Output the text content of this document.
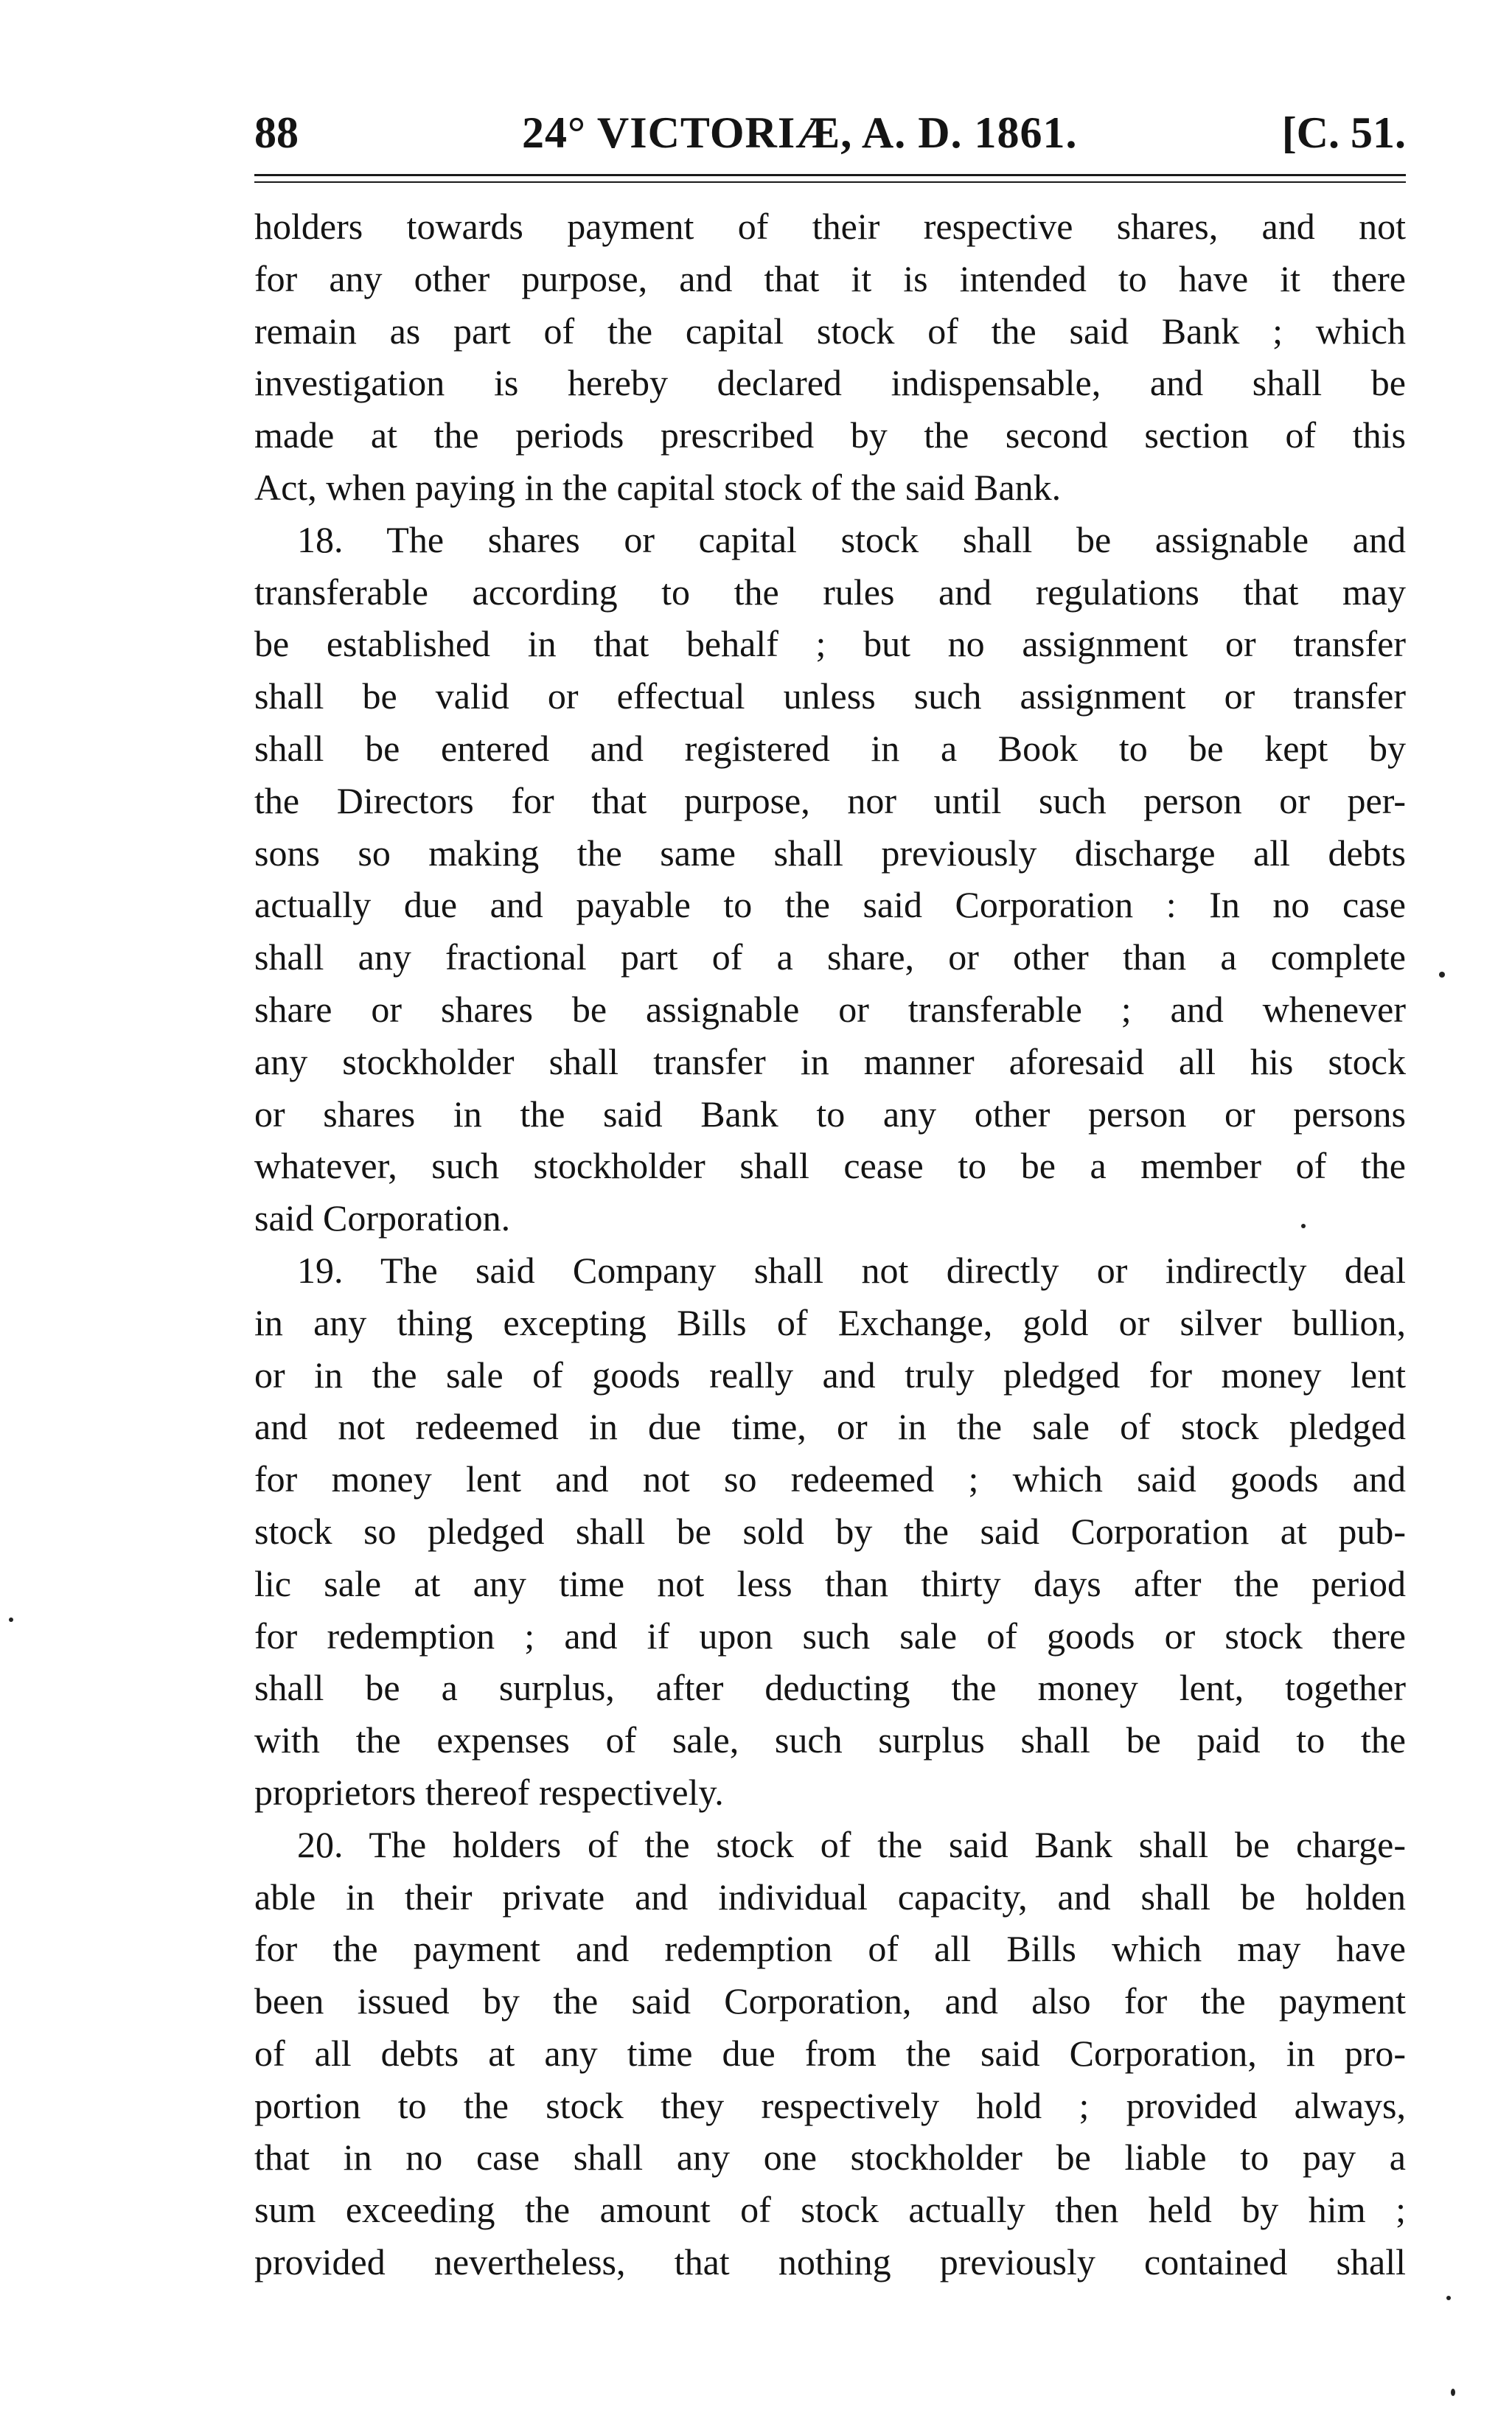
88	24° VICTORIÆ, A. D. 1861.	[C. 51.
holders towards payment of their respective shares, and not
for any other purpose, and that it is intended to have it there
remain as part of the capital stock of the said Bank ; which
investigation is hereby declared indispensable, and shall be
made at the periods prescribed by the second section of this
Act, when paying in the capital stock of the said Bank.
18. The shares or capital stock shall be assignable and
transferable according to the rules and regulations that may
be established in that behalf ; but no assignment or transfer
shall be valid or effectual unless such assignment or transfer
shall be entered and registered in a Book to be kept by
the Directors for that purpose, nor until such person or per-
sons so making the same shall previously discharge all debts
actually due and payable to the said Corporation : In no case
shall any fractional part of a share, or other than a complete
share or shares be assignable or transferable ; and whenever
any stockholder shall transfer in manner aforesaid all his stock
or shares in the said Bank to any other person or persons
whatever, such stockholder shall cease to be a member of the
said Corporation.
19. The said Company shall not directly or indirectly deal
in any thing excepting Bills of Exchange, gold or silver bullion,
or in the sale of goods really and truly pledged for money lent
and not redeemed in due time, or in the sale of stock pledged
for money lent and not so redeemed ; which said goods and
stock so pledged shall be sold by the said Corporation at pub-
lic sale at any time not less than thirty days after the period
for redemption ; and if upon such sale of goods or stock there
shall be a surplus, after deducting the money lent, together
with the expenses of sale, such surplus shall be paid to the
proprietors thereof respectively.
20. The holders of the stock of the said Bank shall be charge-
able in their private and individual capacity, and shall be holden
for the payment and redemption of all Bills which may have
been issued by the said Corporation, and also for the payment
of all debts at any time due from the said Corporation, in pro-
portion to the stock they respectively hold ; provided always,
that in no case shall any one stockholder be liable to pay a
sum exceeding the amount of stock actually then held by him ;
provided nevertheless, that nothing previously contained shall
